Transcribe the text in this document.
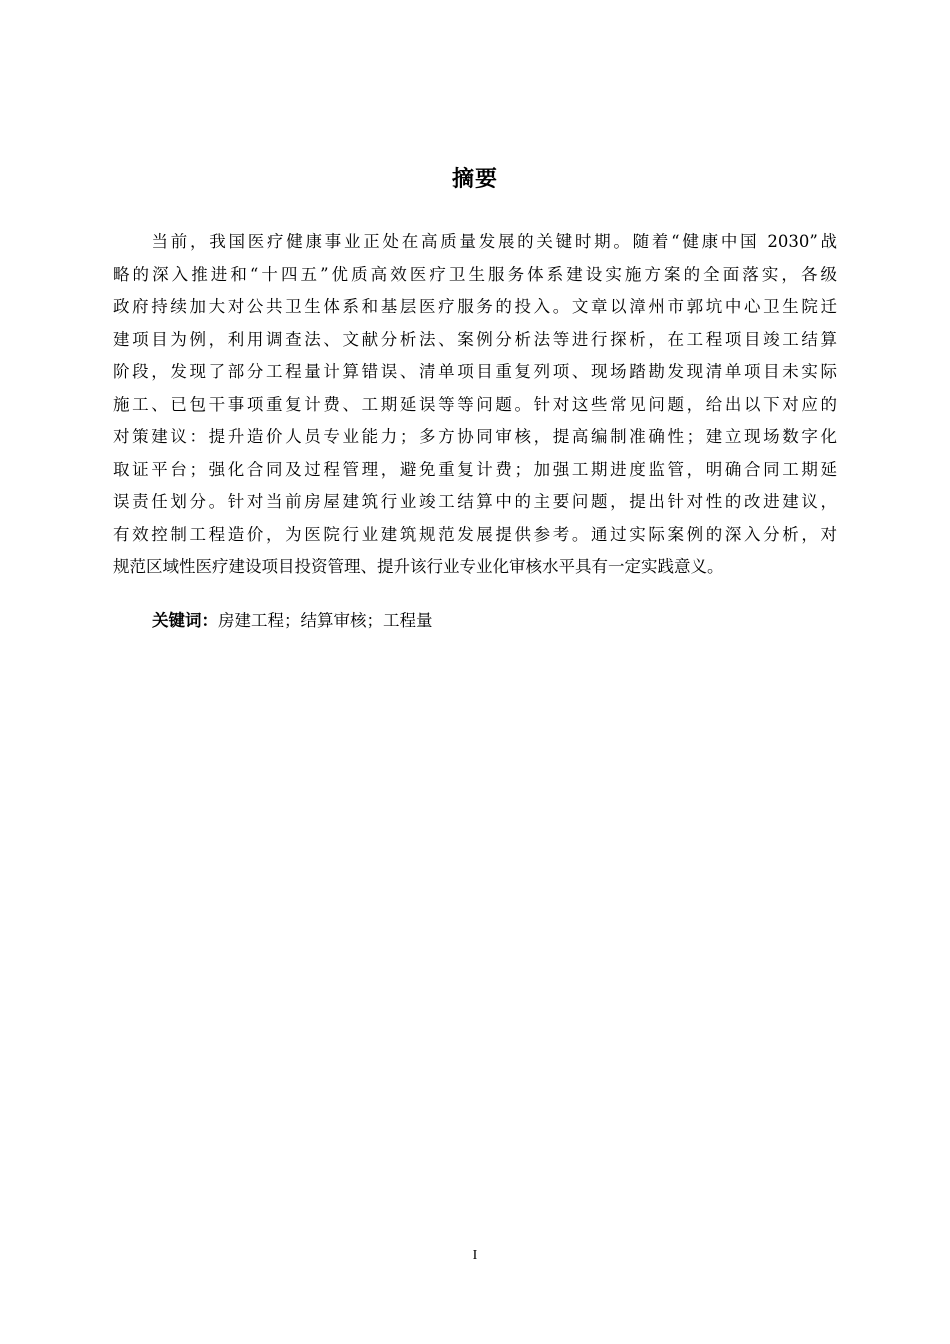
摘要
　　当前，我国医疗健康事业正处在高质量发展的关键时期。随着“健康中国 2030”战
略的深入推进和“十四五”优质高效医疗卫生服务体系建设实施方案的全面落实，各级
政府持续加大对公共卫生体系和基层医疗服务的投入。文章以漳州市郭坑中心卫生院迁
建项目为例，利用调查法、文献分析法、案例分析法等进行探析，在工程项目竣工结算
阶段，发现了部分工程量计算错误、清单项目重复列项、现场踏勘发现清单项目未实际
施工、已包干事项重复计费、工期延误等等问题。针对这些常见问题，给出以下对应的
对策建议：提升造价人员专业能力；多方协同审核，提高编制准确性；建立现场数字化
取证平台；强化合同及过程管理，避免重复计费；加强工期进度监管，明确合同工期延
误责任划分。针对当前房屋建筑行业竣工结算中的主要问题，提出针对性的改进建议，
有效控制工程造价，为医院行业建筑规范发展提供参考。通过实际案例的深入分析，对
规范区域性医疗建设项目投资管理、提升该行业专业化审核水平具有一定实践意义。
关键词：房建工程；结算审核；工程量
I
